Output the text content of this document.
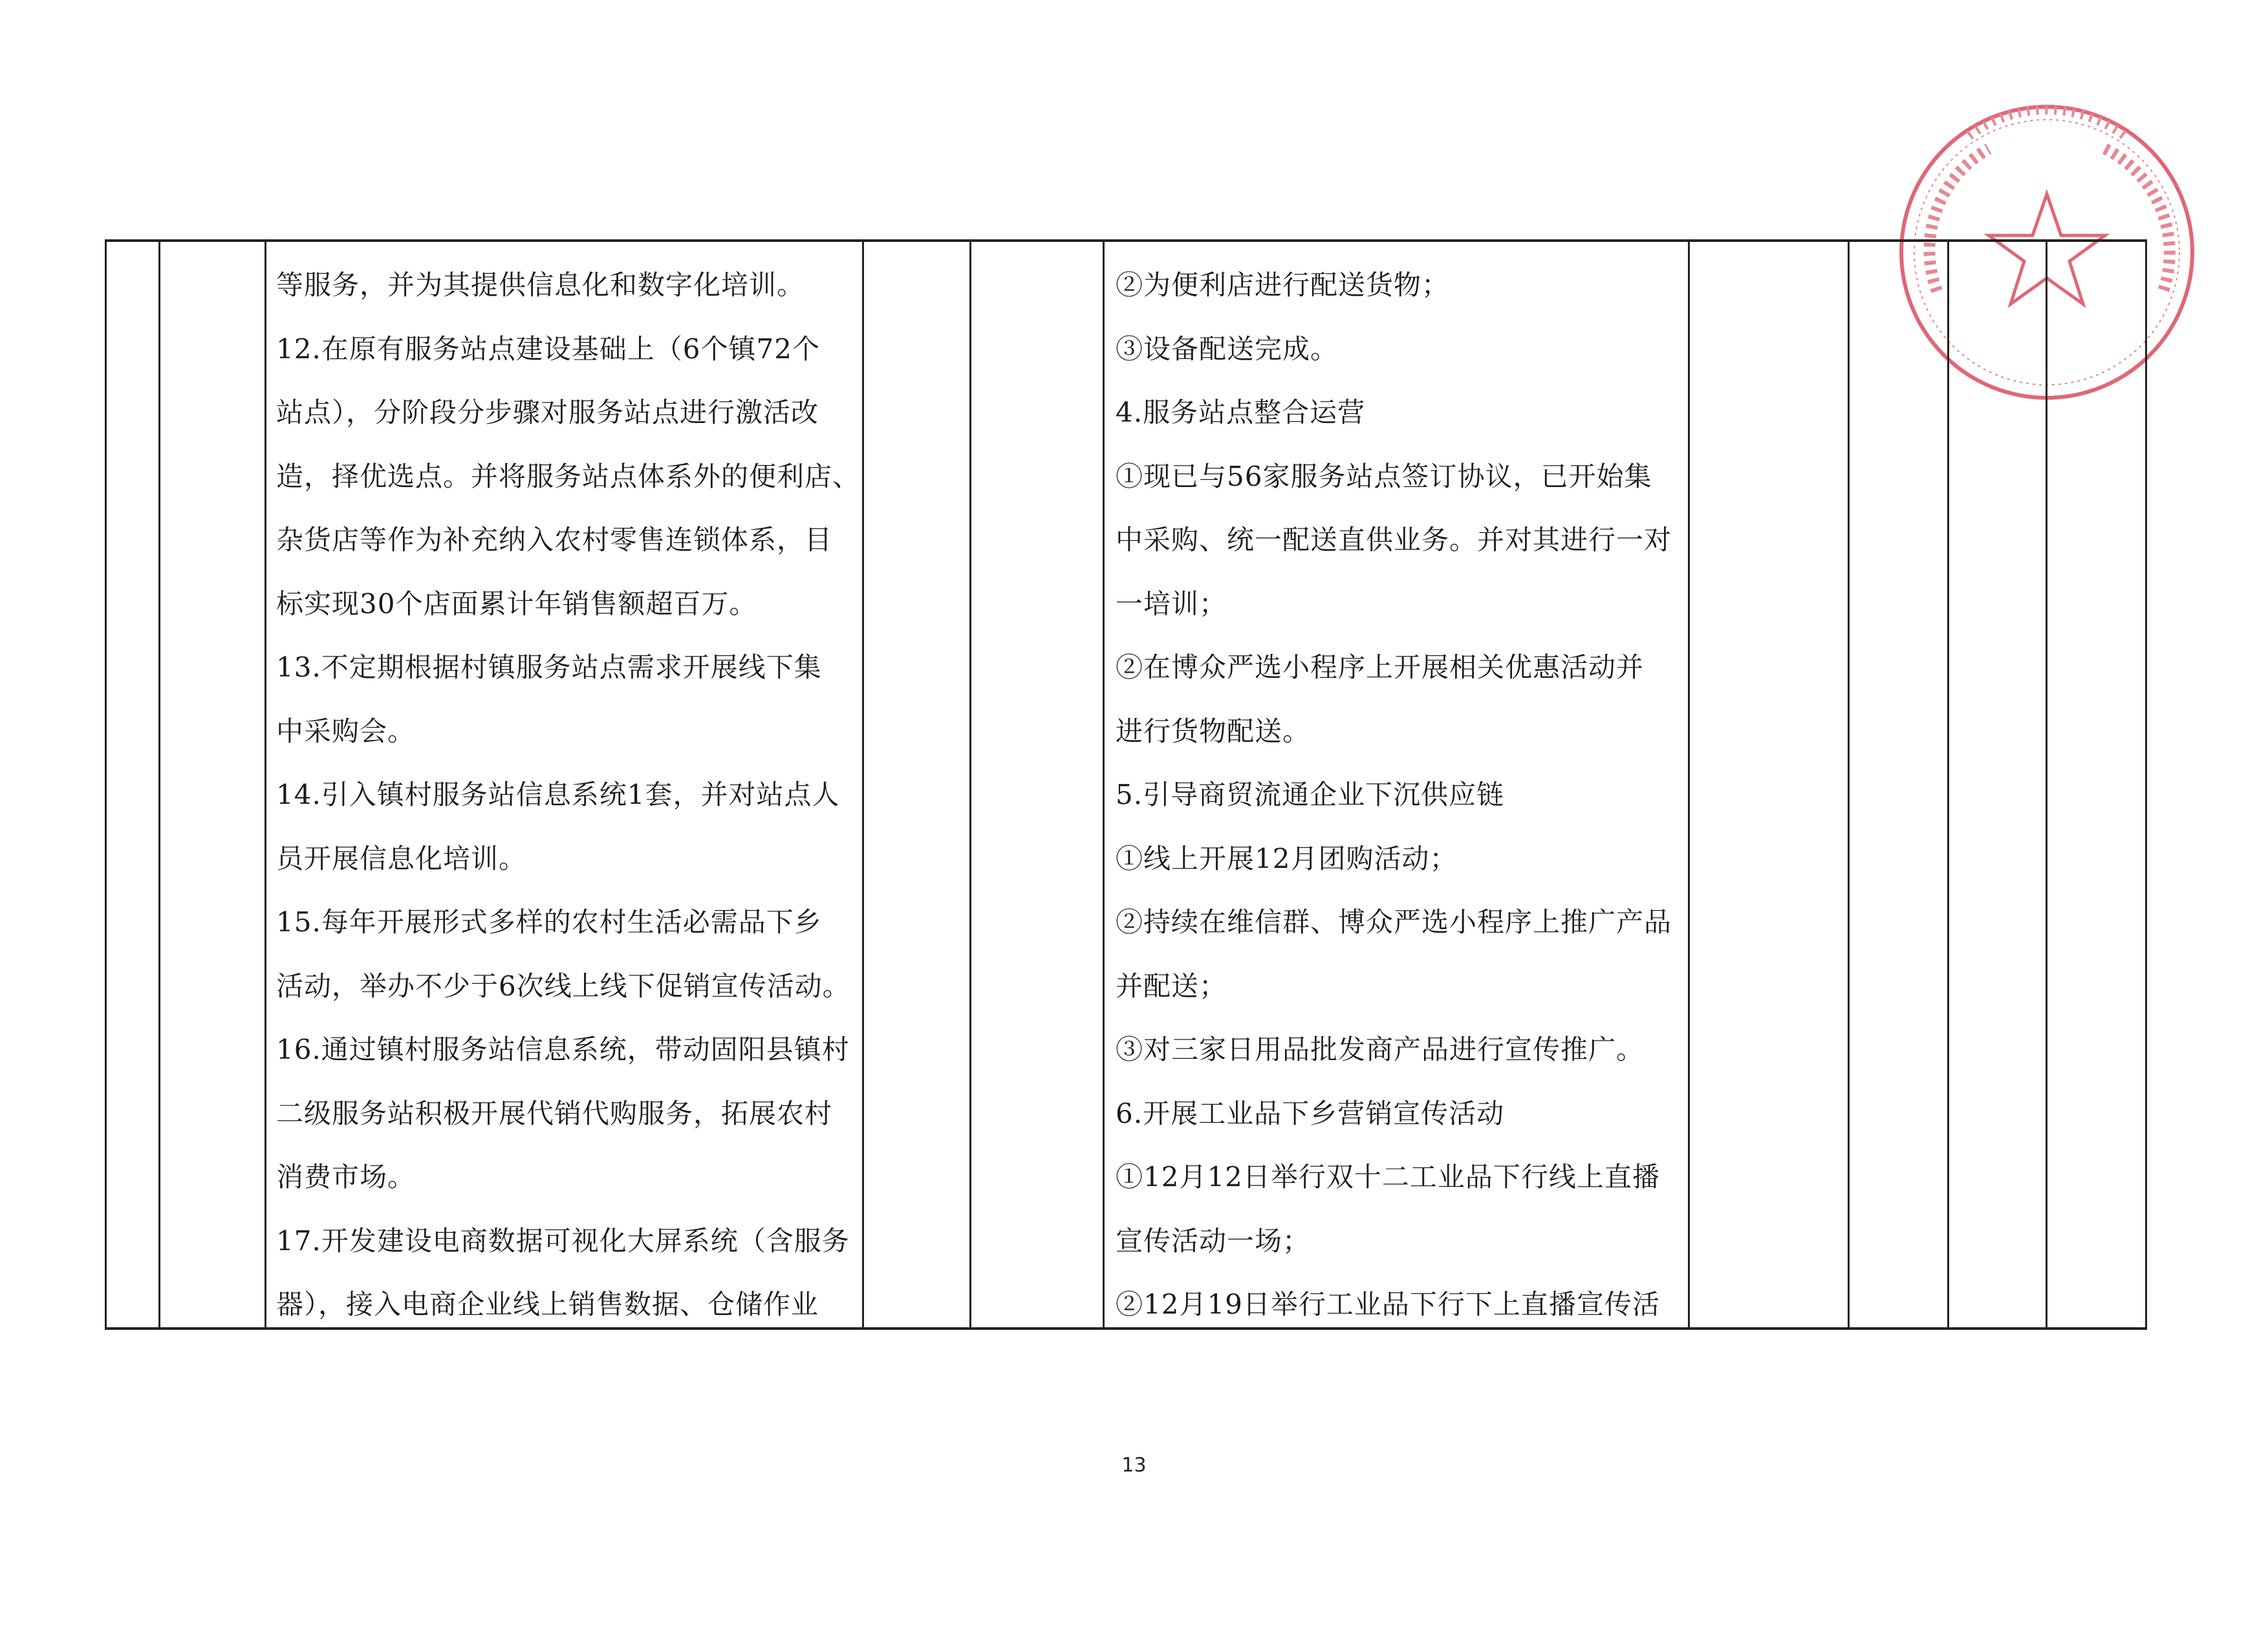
等服务，并为其提供信息化和数字化培训。
12.在原有服务站点建设基础上（6个镇72个
站点），分阶段分步骤对服务站点进行激活改
造，择优选点。并将服务站点体系外的便利店、
杂货店等作为补充纳入农村零售连锁体系，目
标实现30个店面累计年销售额超百万。
13.不定期根据村镇服务站点需求开展线下集
中采购会。
14.引入镇村服务站信息系统1套，并对站点人
员开展信息化培训。
15.每年开展形式多样的农村生活必需品下乡
活动，举办不少于6次线上线下促销宣传活动。
16.通过镇村服务站信息系统，带动固阳县镇村
二级服务站积极开展代销代购服务，拓展农村
消费市场。
17.开发建设电商数据可视化大屏系统（含服务
器），接入电商企业线上销售数据、仓储作业
②为便利店进行配送货物；
③设备配送完成。
4.服务站点整合运营
①现已与56家服务站点签订协议，已开始集
中采购、统一配送直供业务。并对其进行一对
一培训；
②在博众严选小程序上开展相关优惠活动并
进行货物配送。
5.引导商贸流通企业下沉供应链
①线上开展12月团购活动；
②持续在维信群、博众严选小程序上推广产品
并配送；
③对三家日用品批发商产品进行宣传推广。
6.开展工业品下乡营销宣传活动
①12月12日举行双十二工业品下行线上直播
宣传活动一场；
②12月19日举行工业品下行下上直播宣传活
13
